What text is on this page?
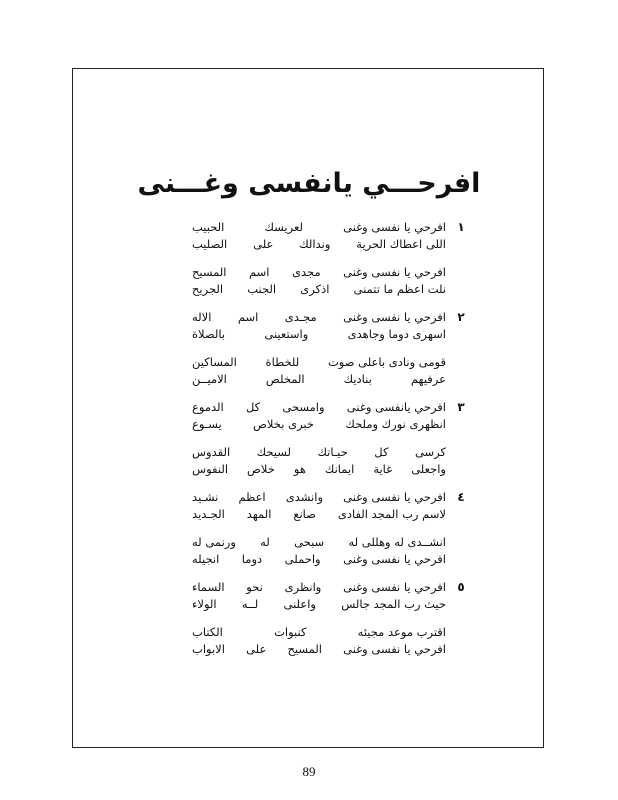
افرحـــي يانفسى وغـــنى
١
افرحي يا نفسى وغنى
لعريسك
الحبيب
اللى اعطاك الحرية
وندالك
على
الصليب
افرحي يا نفسى وغنى
مجدى
اسم
المسيح
نلت اعظم ما تتمنى
اذكرى
الجنب
الجريح
٢
افرحي يا نفسى وغنى
مجـدى
اسم
الاله
اسهرى دوما وجاهدى
واستعينى
بالصلاة
قومى ونادى باعلى صوت
للخطاة
المساكين
عرفيهم
بناديك
المخلص
الاميــن
٣
افرحي يانفسى وغنى
وامسحى
كل
الدموع
انظهرى نورك وملحك
خبرى بخلاص
يسـوع
كرسى
كل
حيـاتك
لسيحك
القدوس
واجعلى
غاية
ايمانك
هو
خلاص
النفوس
٤
افرحي يا نفسى وغنى
وانشدى
اعظم
نشـيد
لاسم رب المجد الفادى
صانع
المهد
الجـديد
انشــدى له وهللى له
سبحى
له
ورنمى له
افرحي يا نفسى وغنى
واحملى
دوما
انجيله
٥
افرحي يا نفسى وغنى
وانظرى
نحو
السماء
حيث رب المجد جالس
واعلنى
لــه
الولاء
اقترب موعد مجيئه
كنبوات
الكتاب
افرحي يا نفسى وغنى
المسيح
على
الابواب
89
